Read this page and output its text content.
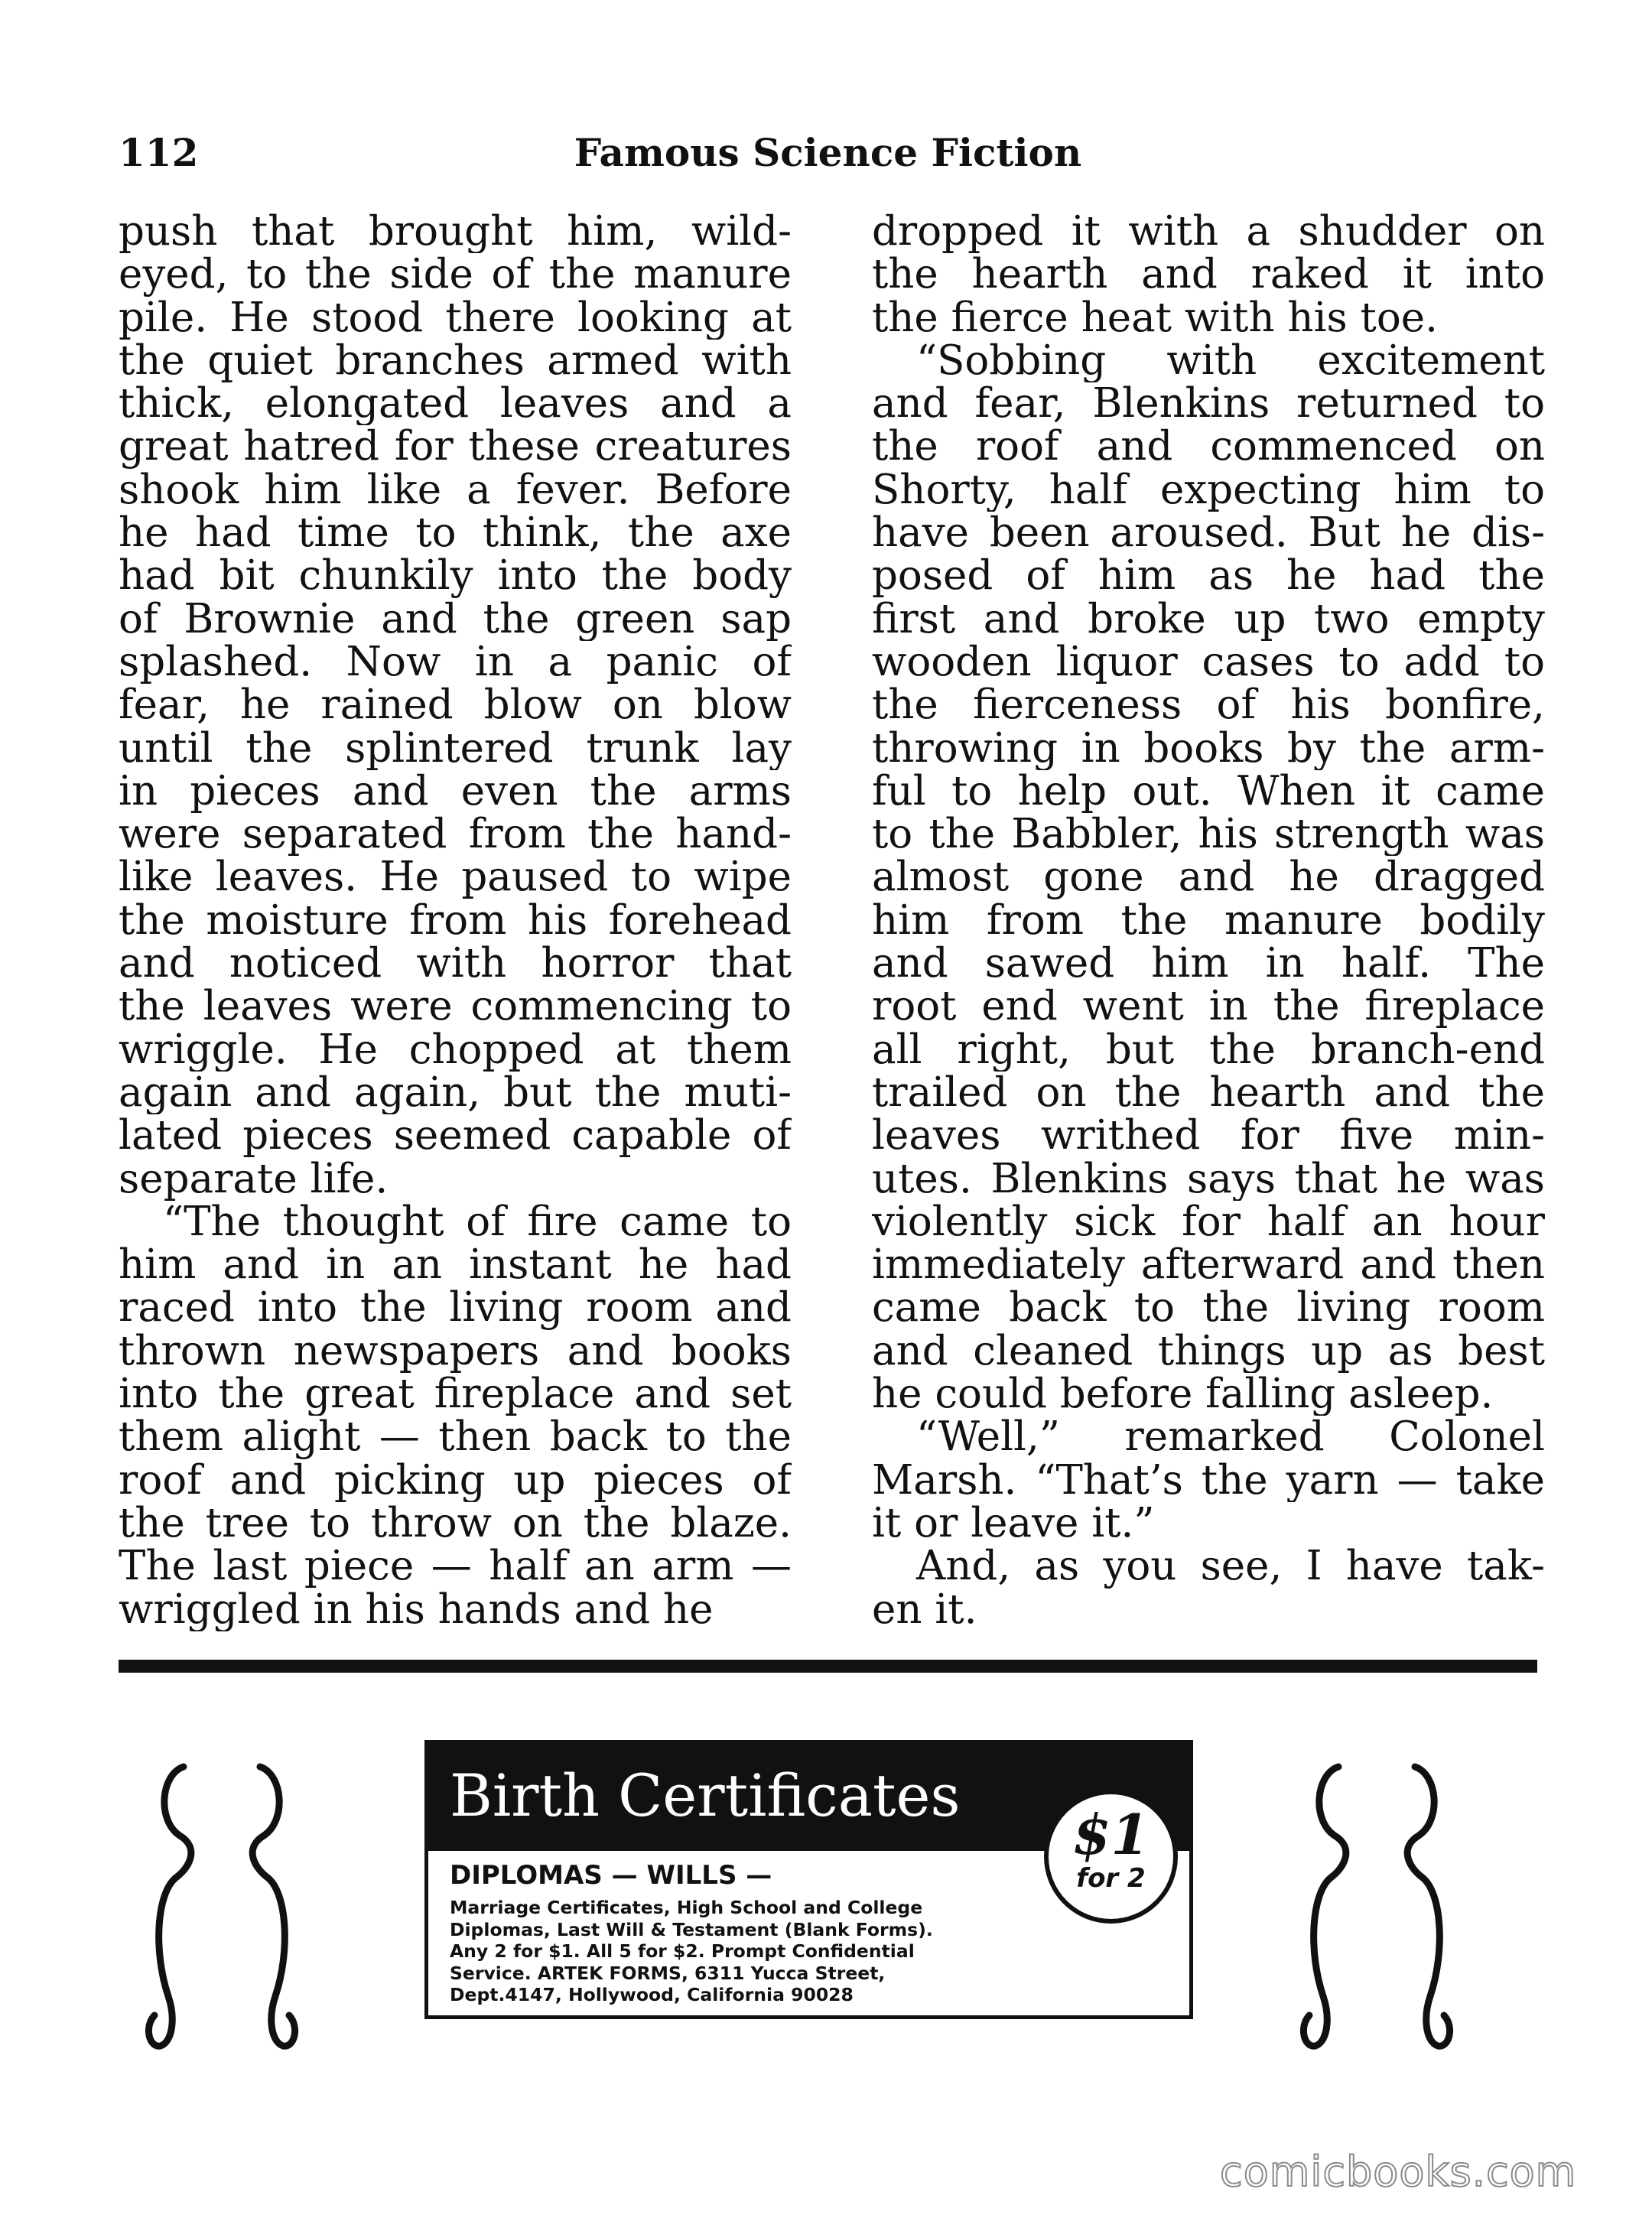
112	Famous Science Fiction
push that brought him, wild-
eyed, to the side of the manure
pile. He stood there looking at
the quiet branches armed with
thick, elongated leaves and a
great hatred for these creatures
shook him like a fever. Before
he had time to think, the axe
had bit chunkily into the body
of Brownie and the green sap
splashed. Now in a panic of
fear, he rained blow on blow
until the splintered trunk lay
in pieces and even the arms
were separated from the hand-
like leaves. He paused to wipe
the moisture from his forehead
and noticed with horror that
the leaves were commencing to
wriggle. He chopped at them
again and again, but the muti-
lated pieces seemed capable of
separate life.
“The thought of fire came to
him and in an instant he had
raced into the living room and
thrown newspapers and books
into the great fireplace and set
them alight — then back to the
roof and picking up pieces of
the tree to throw on the blaze.
The last piece — half an arm —
wriggled in his hands and he
dropped it with a shudder on
the hearth and raked it into
the fierce heat with his toe.
“Sobbing with excitement
and fear, Blenkins returned to
the roof and commenced on
Shorty, half expecting him to
have been aroused. But he dis-
posed of him as he had the
first and broke up two empty
wooden liquor cases to add to
the fierceness of his bonfire,
throwing in books by the arm-
ful to help out. When it came
to the Babbler, his strength was
almost gone and he dragged
him from the manure bodily
and sawed him in half. The
root end went in the fireplace
all right, but the branch-end
trailed on the hearth and the
leaves writhed for five min-
utes. Blenkins says that he was
violently sick for half an hour
immediately afterward and then
came back to the living room
and cleaned things up as best
he could before falling asleep.
“Well,” remarked Colonel
Marsh. “That’s the yarn — take
it or leave it.”
And, as you see, I have tak-
en it.
Birth Certificates
$1
for 2
DIPLOMAS — WILLS —
Marriage Certificates, High School and College
Diplomas, Last Will & Testament (Blank Forms).
Any 2 for $1. All 5 for $2. Prompt Confidential
Service. ARTEK FORMS, 6311 Yucca Street,
Dept.4147, Hollywood, California 90028
comicbooks.com
